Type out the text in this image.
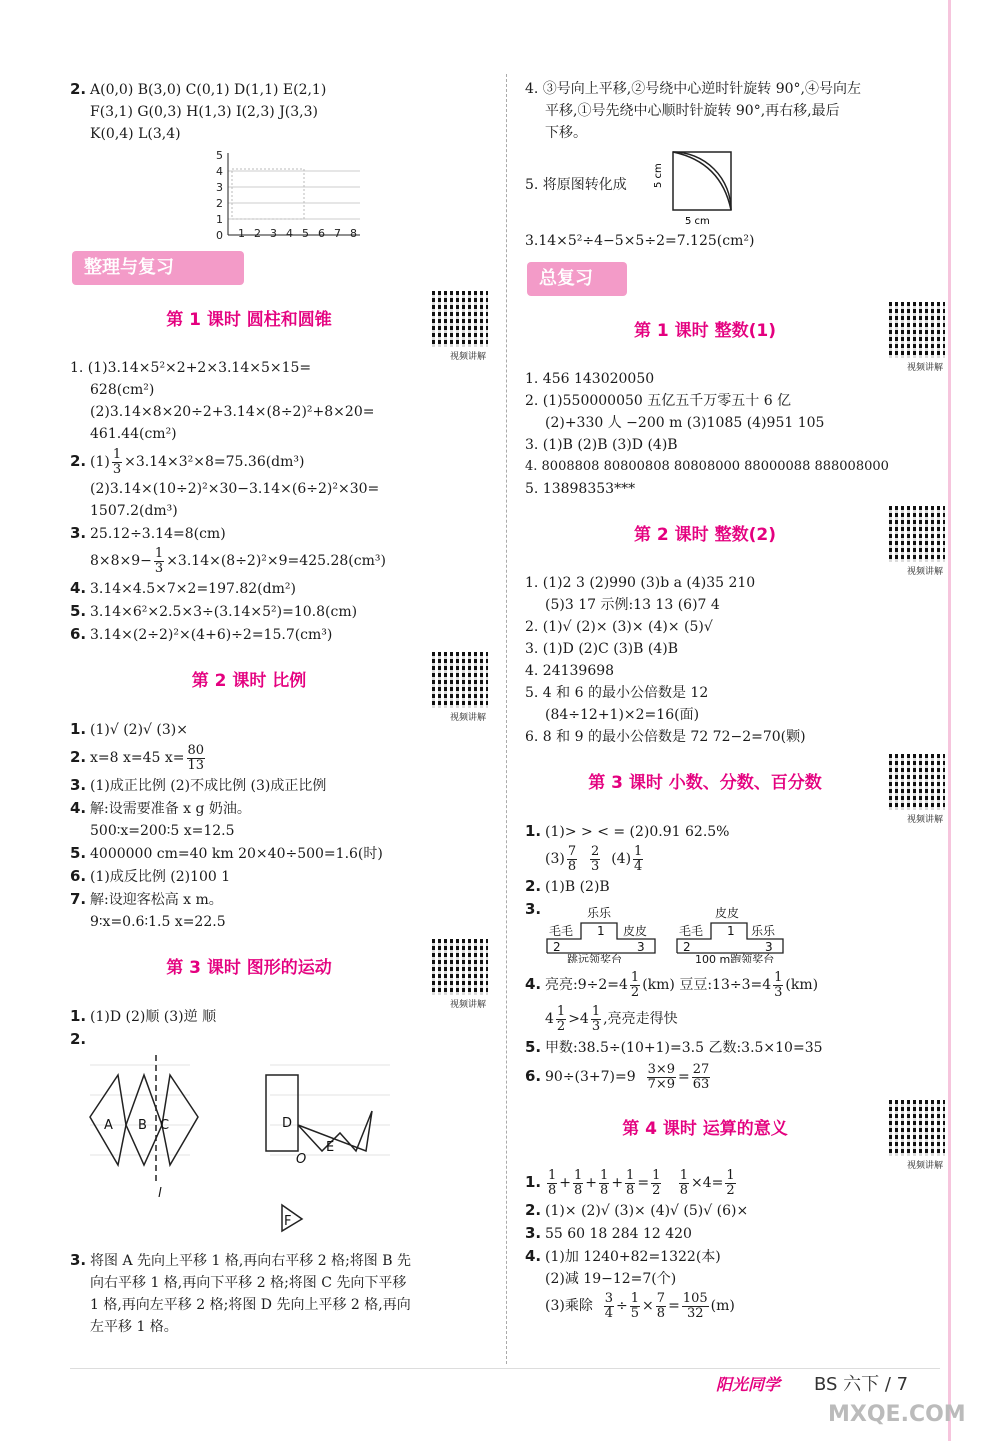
2. A(0,0) B(3,0) C(0,1) D(1,1) E(2,1)
F(3,1) G(0,3) H(1,3) I(2,3) J(3,3)
K(0,4) L(3,4)
5
4
3
2
1
0 1 2 3 4 5 6 7 8
整理与复习
第 1 课时 圆柱和圆锥
视频讲解
1. (1)3.14×5²×2+2×3.14×5×15=
628(cm²)
(2)3.14×8×20÷2+3.14×(8÷2)²+8×20=
461.44(cm²)
2. $(1) \frac{1}{3} \times 3.14\times 3^2\times 8=75.36(dm^3)$
(2)3.14×(10÷2)²×30−3.14×(6÷2)²×30=
1507.2(dm³)
3. 25.12÷3.14=8(cm)
$8\times 8\times 9- \frac{1}{3} \times 3.14\times(8\div 2)^2\times 9=425.28(cm^3)$
4. 3.14×4.5×7×2=197.82(dm²)
5. 3.14×6²×2.5×3÷(3.14×5²)=10.8(cm)
6. 3.14×(2÷2)²×(4+6)÷2=15.7(cm³)
第 2 课时 比例
视频讲解
1. (1)√ (2)√ (3)×
2. x=8 x=45 $x= \frac{80}{13}$
3. (1)成正比例 (2)不成比例 (3)成正比例
4. 解:设需要准备 x g 奶油。
500∶x=200∶5 x=12.5
5. 4000000 cm=40 km 20×40÷500=1.6(时)
6. (1)成反比例 (2)100 1
7. 解:设迎客松高 x m。
9∶x=0.6∶1.5 x=22.5
第 3 课时 图形的运动
视频讲解
1. (1)D (2)顺 (3)逆 顺
2.
A B C	D
E
F
O
l
3. 将图 A 先向上平移 1 格,再向右平移 2 格;将图 B 先
向右平移 1 格,再向下平移 2 格;将图 C 先向下平移
1 格,再向左平移 2 格;将图 D 先向上平移 2 格,再向
左平移 1 格。
4. ③号向上平移,②号绕中心逆时针旋转 90°,④号向左
平移,①号先绕中心顺时针旋转 90°,再右移,最后
下移。
5. 将原图转化成
5 cm
5 cm
3.14×5²÷4−5×5÷2=7.125(cm²)
总复习
第 1 课时 整数(1)
视频讲解
1. 456 143020050
2. (1)550000050 五亿五千万零五十 6 亿
(2)+330 人 −200 m (3)1085 (4)951 105
3. (1)B (2)B (3)D (4)B
4. 8008808 80800808 80808000 88000088 888008000
5. 13898353***
第 2 课时 整数(2)
视频讲解
1. (1)2 3 (2)990 (3)b a (4)35 210
(5)3 17 示例:13 13 (6)7 4
2. (1)√ (2)× (3)× (4)× (5)√
3. (1)D (2)C (3)B (4)B
4. 24139698
5. 4 和 6 的最小公倍数是 12
(84÷12+1)×2=16(面)
6. 8 和 9 的最小公倍数是 72 72−2=70(颗)
第 3 课时 小数、分数、百分数
视频讲解
1. (1)> > < = (2)0.91 62.5%
$(3) \frac{7}{8}$
$\frac{2}{3} (4) \frac{1}{4}$
2. (1)B (2)B
3.	乐乐
毛毛 1 皮皮
2	3
跳远领奖台
皮皮
毛毛 1 乐乐
2	3
100 m跑领奖台
4. 亮亮:9÷2=4 $\frac{1}{2} (km)$ 豆豆:13÷3=4 $\frac{1}{3} (km)$
$4 \frac{1}{2} >4 \frac{1}{3}$ ,亮亮走得快
5. 甲数:38.5÷(10+1)=3.5 乙数:3.5×10=35
6. $90\div(3+7)=9 \frac{3\times 9}{7\times 9} = \frac{27}{63}$
第 4 课时 运算的意义
视频讲解
1. $\frac{1}{8} + \frac{1}{8} + \frac{1}{8} + \frac{1}{8} = \frac{1}{2}$
$\frac{1}{8} \times 4= \frac{1}{2}$
2. (1)× (2)√ (3)× (4)√ (5)√ (6)×
3. 55 60 18 284 12 420
4. (1)加 1240+82=1322(本)
(2)减 19−12=7(个)
(3)乘除 $\frac{3}{4} \div \frac{1}{5} \times \frac{7}{8} = \frac{105}{32} (m)$
阳光同学 BS 六下 / 7
MXQE.COM
